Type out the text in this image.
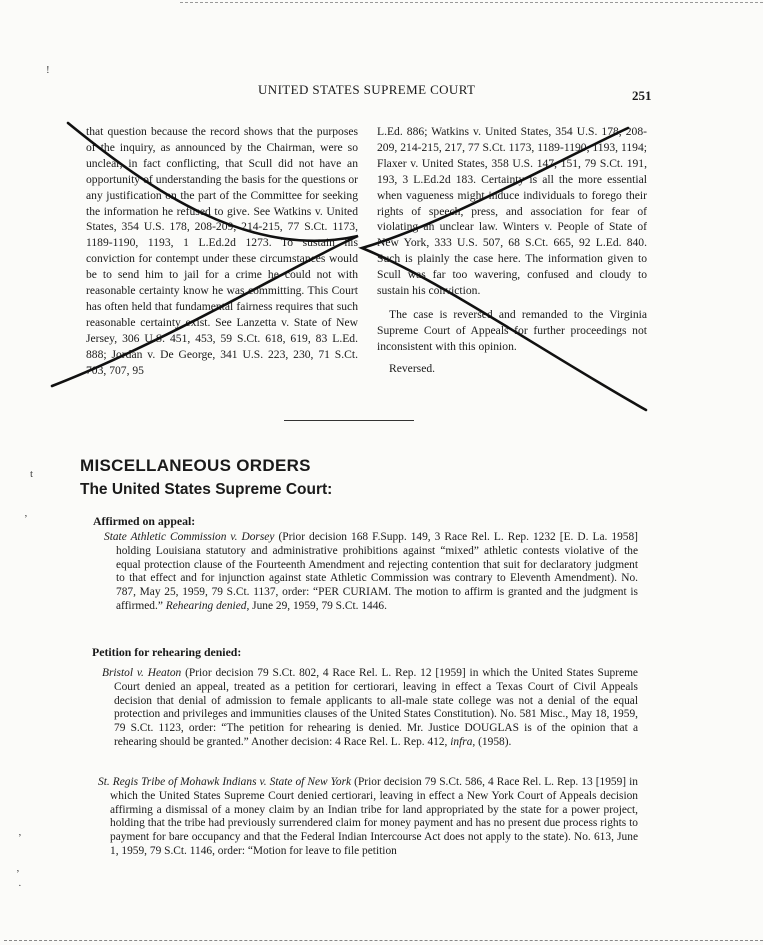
UNITED STATES SUPREME COURT	251

that question because the record shows that the purposes of the inquiry, as announced by the Chairman, were so unclear, in fact conflicting, that Scull did not have an opportunity of understanding the basis for the questions or any justification on the part of the Committee for seeking the information he refused to give. See Watkins v. United States, 354 U.S. 178, 208-209, 214-215, 77 S.Ct. 1173, 1189-1190, 1193, 1 L.Ed.2d 1273. To sustain his conviction for contempt under these circumstances would be to send him to jail for a crime he could not with reasonable certainty know he was committing. This Court has often held that fundamental fairness requires that such reasonable certainty exist. See Lanzetta v. State of New Jersey, 306 U.S. 451, 453, 59 S.Ct. 618, 619, 83 L.Ed. 888; Jordan v. De George, 341 U.S. 223, 230, 71 S.Ct. 703, 707, 95

L.Ed. 886; Watkins v. United States, 354 U.S. 178, 208-209, 214-215, 217, 77 S.Ct. 1173, 1189-1190, 1193, 1194; Flaxer v. United States, 358 U.S. 147, 151, 79 S.Ct. 191, 193, 3 L.Ed.2d 183. Certainty is all the more essential when vagueness might induce individuals to forego their rights of speech, press, and association for fear of violating an unclear law. Winters v. People of State of New York, 333 U.S. 507, 68 S.Ct. 665, 92 L.Ed. 840. Such is plainly the case here. The information given to Scull was far too wavering, confused and cloudy to sustain his conviction.

The case is reversed and remanded to the Virginia Supreme Court of Appeals for further proceedings not inconsistent with this opinion.

Reversed.

MISCELLANEOUS ORDERS
The United States Supreme Court:
Affirmed on appeal:
State Athletic Commission v. Dorsey (Prior decision 168 F.Supp. 149, 3 Race Rel. L. Rep. 1232 [E. D. La. 1958] holding Louisiana statutory and administrative prohibitions against “mixed” athletic contests violative of the equal protection clause of the Fourteenth Amendment and rejecting contention that suit for declaratory judgment to that effect and for injunction against state Athletic Commission was contrary to Eleventh Amendment). No. 787, May 25, 1959, 79 S.Ct. 1137, order: “PER CURIAM. The motion to affirm is granted and the judgment is affirmed.” Rehearing denied, June 29, 1959, 79 S.Ct. 1446.
Petition for rehearing denied:
Bristol v. Heaton (Prior decision 79 S.Ct. 802, 4 Race Rel. L. Rep. 12 [1959] in which the United States Supreme Court denied an appeal, treated as a petition for certiorari, leaving in effect a Texas Court of Civil Appeals decision that denial of admission to female applicants to all-male state college was not a denial of the equal protection and privileges and immunities clauses of the United States Constitution). No. 581 Misc., May 18, 1959, 79 S.Ct. 1123, order: “The petition for rehearing is denied. Mr. Justice DOUGLAS is of the opinion that a rehearing should be granted.” Another decision: 4 Race Rel. L. Rep. 412, infra, (1958).
St. Regis Tribe of Mohawk Indians v. State of New York (Prior decision 79 S.Ct. 586, 4 Race Rel. L. Rep. 13 [1959] in which the United States Supreme Court denied certiorari, leaving in effect a New York Court of Appeals decision affirming a dismissal of a money claim by an Indian tribe for land appropriated by the state for a power project, holding that the tribe had previously surrendered claim for money payment and has no present due process rights to payment for bare occupancy and that the Federal Indian Intercourse Act does not apply to the state). No. 613, June 1, 1959, 79 S.Ct. 1146, order: “Motion for leave to file petition
!
t
’
’
’
·
